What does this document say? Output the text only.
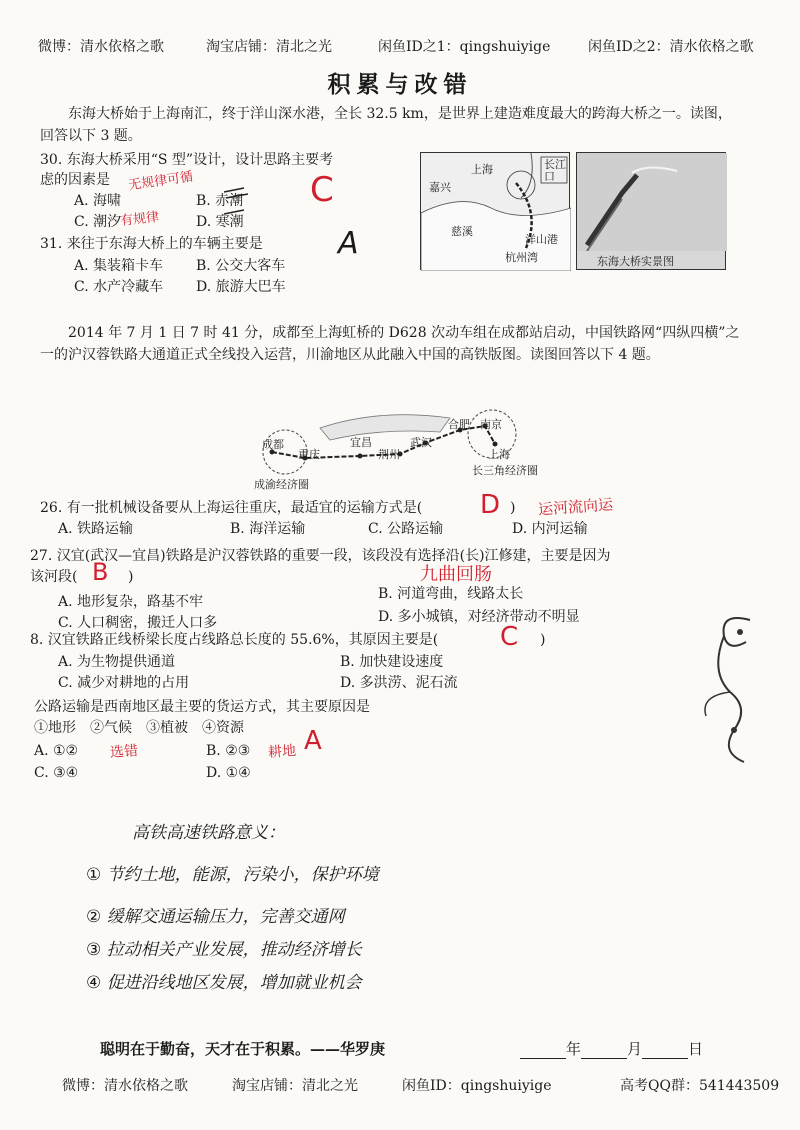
微博：清水依格之歌	淘宝店铺：清北之光	闲鱼ID之1：qingshuiyige	闲鱼ID之2：清水依格之歌
积累与改错
东海大桥始于上海南汇，终于洋山深水港，全长 32.5 km，是世界上建造难度最大的跨海大桥之一。读图，回答以下 3 题。
30. 东海大桥采用“S 型”设计，设计思路主要考
虑的因素是
A. 海啸	B. 赤潮
C. 潮汐	D. 寒潮
无规律可循
有规律
C
31. 来往于东海大桥上的车辆主要是
A. 集装箱卡车 B. 公交大客车
C. 水产冷藏车 D. 旅游大巴车
A
上海	长江口
嘉兴
慈溪
洋山港
杭州湾	东海大桥实景图
2014 年 7 月 1 日 7 时 41 分，成都至上海虹桥的 D628 次动车组在成都站启动，中国铁路网“四纵四横”之一的沪汉蓉铁路大通道正式全线投入运营，川渝地区从此融入中国的高铁版图。读图回答以下 4 题。
成都
重庆
宜昌
荆州
武汉
合肥 南京
上海
成渝经济圈
长三角经济圈
26. 有一批机械设备要从上海运往重庆，最适宜的运输方式是(	)
D 运河流向运
A. 铁路运输	B. 海洋运输	C. 公路运输	D. 内河运输
27. 汉宜(武汉—宜昌)铁路是沪汉蓉铁路的重要一段，该段没有选择沿(长)江修建，主要是因为
该河段(	)
B	九曲回肠
A. 地形复杂，路基不牢	B. 河道弯曲，线路太长
C. 人口稠密，搬迁人口多	D. 多小城镇，对经济带动不明显
8. 汉宜铁路正线桥梁长度占线路总长度的 55.6%，其原因主要是(	)
C
A. 为生物提供通道	B. 加快建设速度
C. 减少对耕地的占用	D. 多洪涝、泥石流
公路运输是西南地区最主要的货运方式，其主要原因是
①地形　②气候　③植被　④资源
A. ①②	B. ②③
C. ③④	D. ①④
选错	耕地 A
高铁高速铁路意义：
① 节约土地，能源，污染小，保护环境
② 缓解交通运输压力，完善交通网
③ 拉动相关产业发展，推动经济增长
④ 促进沿线地区发展，增加就业机会
聪明在于勤奋，天才在于积累。——华罗庚	年	月	日
微博：清水依格之歌	淘宝店铺：清北之光	闲鱼ID：qingshuiyige	高考QQ群：541443509
